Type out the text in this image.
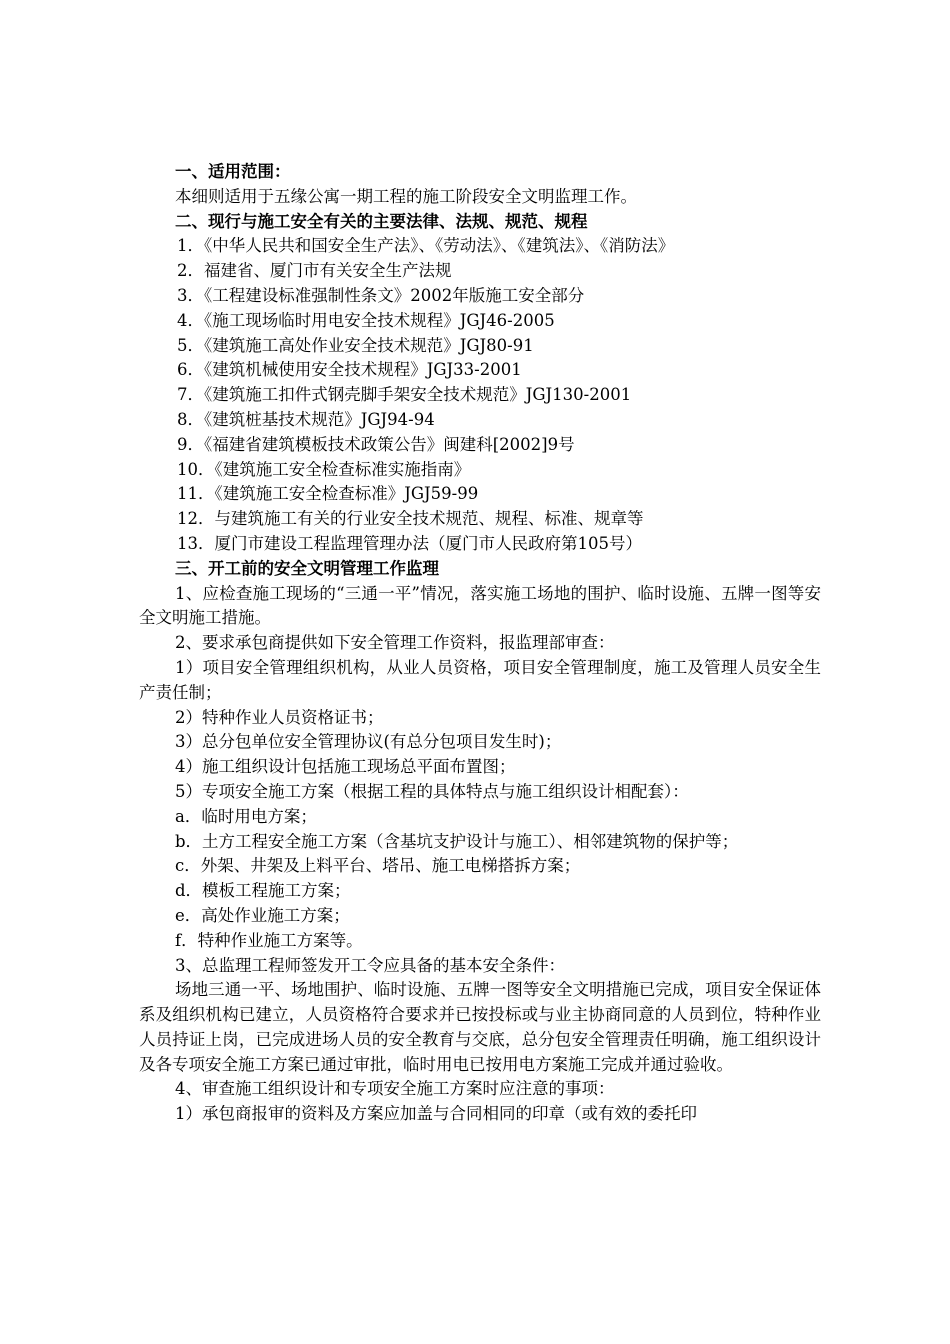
一、适用范围：

本细则适用于五缘公寓一期工程的施工阶段安全文明监理工作。

二、现行与施工安全有关的主要法律、法规、规范、规程

1．《中华人民共和国安全生产法》、《劳动法》、《建筑法》、《消防法》

2．福建省、厦门市有关安全生产法规

3．《工程建设标准强制性条文》2002年版施工安全部分

4．《施工现场临时用电安全技术规程》JGJ46-2005

5．《建筑施工高处作业安全技术规范》JGJ80-91

6．《建筑机械使用安全技术规程》JGJ33-2001

7．《建筑施工扣件式钢壳脚手架安全技术规范》JGJ130-2001

8．《建筑桩基技术规范》JGJ94-94

9．《福建省建筑模板技术政策公告》闽建科[2002]9号

10．《建筑施工安全检查标准实施指南》

11．《建筑施工安全检查标准》JGJ59-99

12．与建筑施工有关的行业安全技术规范、规程、标准、规章等

13．厦门市建设工程监理管理办法（厦门市人民政府第105号）

三、开工前的安全文明管理工作监理

1、应检查施工现场的“三通一平”情况，落实施工场地的围护、临时设施、五牌一图等安全文明施工措施。

2、要求承包商提供如下安全管理工作资料，报监理部审查：

1）项目安全管理组织机构，从业人员资格，项目安全管理制度，施工及管理人员安全生产责任制；

2）特种作业人员资格证书；

3）总分包单位安全管理协议(有总分包项目发生时)；

4）施工组织设计包括施工现场总平面布置图；

5）专项安全施工方案（根据工程的具体特点与施工组织设计相配套）：

a．临时用电方案；

b．土方工程安全施工方案（含基坑支护设计与施工）、相邻建筑物的保护等；

c．外架、井架及上料平台、塔吊、施工电梯搭拆方案；

d．模板工程施工方案；

e．高处作业施工方案；

f．特种作业施工方案等。

3、总监理工程师签发开工令应具备的基本安全条件：

场地三通一平、场地围护、临时设施、五牌一图等安全文明措施已完成，项目安全保证体系及组织机构已建立，人员资格符合要求并已按投标或与业主协商同意的人员到位，特种作业人员持证上岗，已完成进场人员的安全教育与交底，总分包安全管理责任明确，施工组织设计及各专项安全施工方案已通过审批，临时用电已按用电方案施工完成并通过验收。

4、审查施工组织设计和专项安全施工方案时应注意的事项：

1）承包商报审的资料及方案应加盖与合同相同的印章（或有效的委托印
